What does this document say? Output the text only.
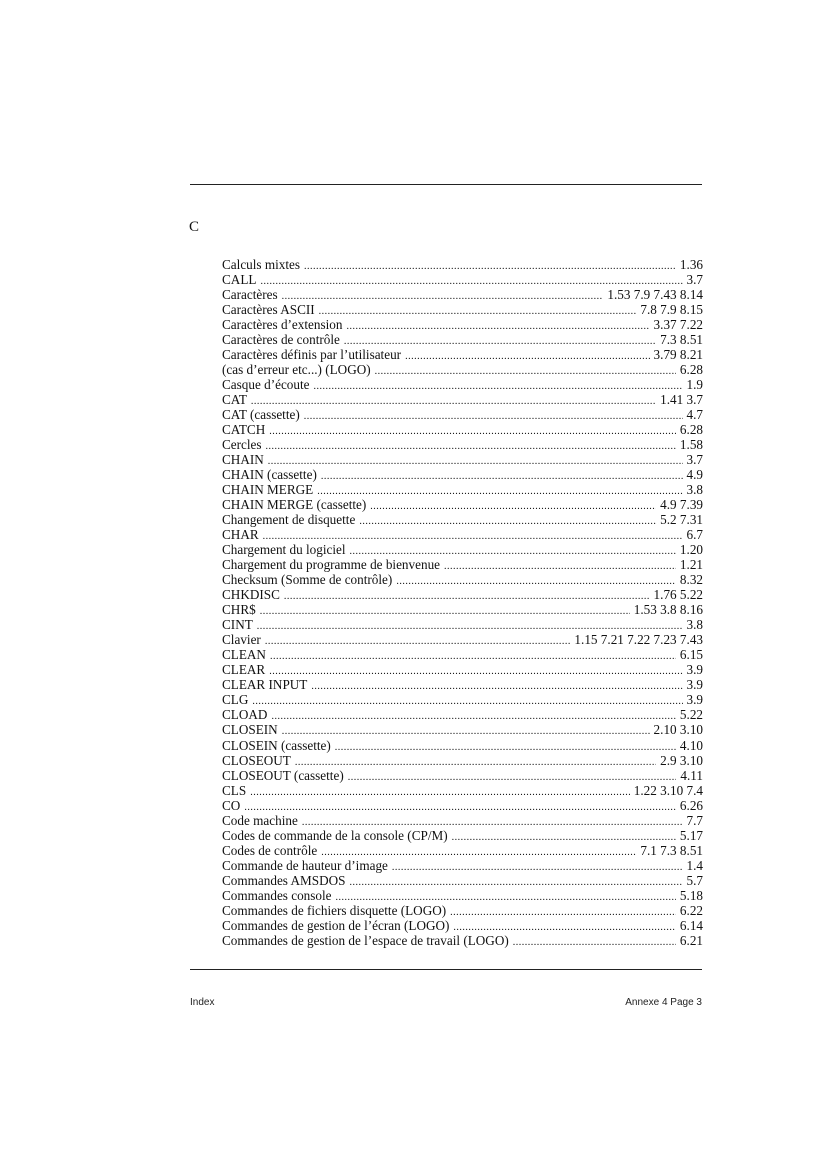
C
Calculs mixtes .....	1.36
CALL .....	3.7
Caractères .....	1.53 7.9 7.43 8.14
Caractères ASCII .....	7.8 7.9 8.15
Caractères d’extension .....	3.37 7.22
Caractères de contrôle .....	7.3 8.51
Caractères définis par l’utilisateur .....	3.79 8.21
(cas d’erreur etc...) (LOGO) .....	6.28
Casque d’écoute .....	1.9
CAT .....	1.41 3.7
CAT (cassette) .....	4.7
CATCH .....	6.28
Cercles .....	1.58
CHAIN .....	3.7
CHAIN (cassette) .....	4.9
CHAIN MERGE .....	3.8
CHAIN MERGE (cassette) .....	4.9 7.39
Changement de disquette .....	5.2 7.31
CHAR .....	6.7
Chargement du logiciel .....	1.20
Chargement du programme de bienvenue .....	1.21
Checksum (Somme de contrôle) .....	8.32
CHKDISC .....	1.76 5.22
CHR$ .....	1.53 3.8 8.16
CINT .....	3.8
Clavier .....	1.15 7.21 7.22 7.23 7.43
CLEAN .....	6.15
CLEAR .....	3.9
CLEAR INPUT .....	3.9
CLG .....	3.9
CLOAD .....	5.22
CLOSEIN .....	2.10 3.10
CLOSEIN (cassette) .....	4.10
CLOSEOUT .....	2.9 3.10
CLOSEOUT (cassette) .....	4.11
CLS .....	1.22 3.10 7.4
CO .....	6.26
Code machine .....	7.7
Codes de commande de la console (CP/M) .....	5.17
Codes de contrôle .....	7.1 7.3 8.51
Commande de hauteur d’image .....	1.4
Commandes AMSDOS .....	5.7
Commandes console .....	5.18
Commandes de fichiers disquette (LOGO) .....	6.22
Commandes de gestion de l’écran (LOGO) .....	6.14
Commandes de gestion de l’espace de travail (LOGO) .....	6.21
Index	Annexe 4 Page 3
